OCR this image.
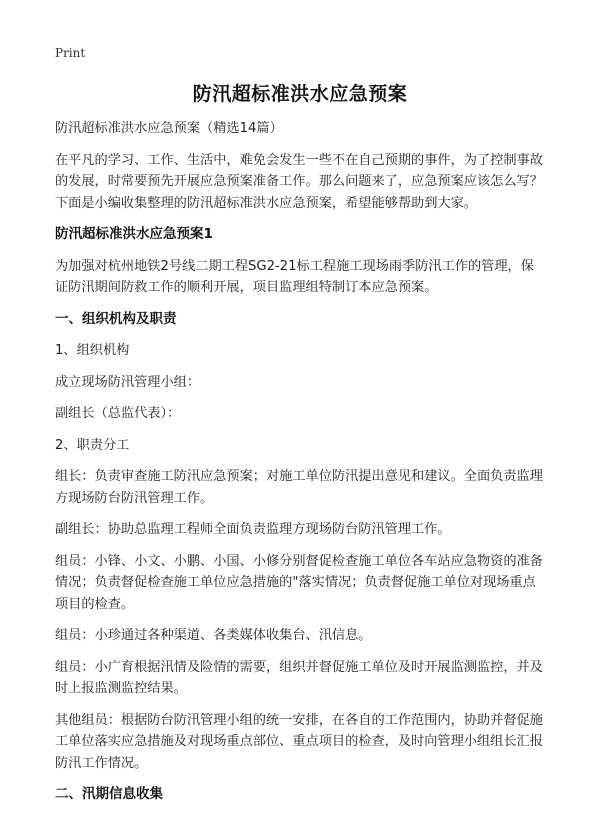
Print
防汛超标准洪水应急预案
防汛超标准洪水应急预案（精选14篇）
在平凡的学习、工作、生活中，难免会发生一些不在自己预期的事件，为了控制事故的发展，时常要预先开展应急预案准备工作。那么问题来了，应急预案应该怎么写？下面是小编收集整理的防汛超标准洪水应急预案，希望能够帮助到大家。
防汛超标准洪水应急预案1
为加强对杭州地铁2号线二期工程SG2-21标工程施工现场雨季防汛工作的管理，保证防汛期间防救工作的顺利开展，项目监理组特制订本应急预案。
一、组织机构及职责
1、组织机构
成立现场防汛管理小组：
副组长（总监代表）：
2、职责分工
组长：负责审查施工防汛应急预案；对施工单位防汛提出意见和建议。全面负责监理方现场防台防汛管理工作。
副组长：协助总监理工程师全面负责监理方现场防台防汛管理工作。
组员：小锋、小文、小鹏、小国、小修分别督促检查施工单位各车站应急物资的准备情况；负责督促检查施工单位应急措施的"落实情况；负责督促施工单位对现场重点项目的检查。
组员：小珍通过各种渠道、各类媒体收集台、汛信息。
组员：小广育根据汛情及险情的需要，组织并督促施工单位及时开展监测监控，并及时上报监测监控结果。
其他组员：根据防台防汛管理小组的统一安排，在各自的工作范围内，协助并督促施工单位落实应急措施及对现场重点部位、重点项目的检查，及时向管理小组组长汇报防汛工作情况。
二、汛期信息收集
